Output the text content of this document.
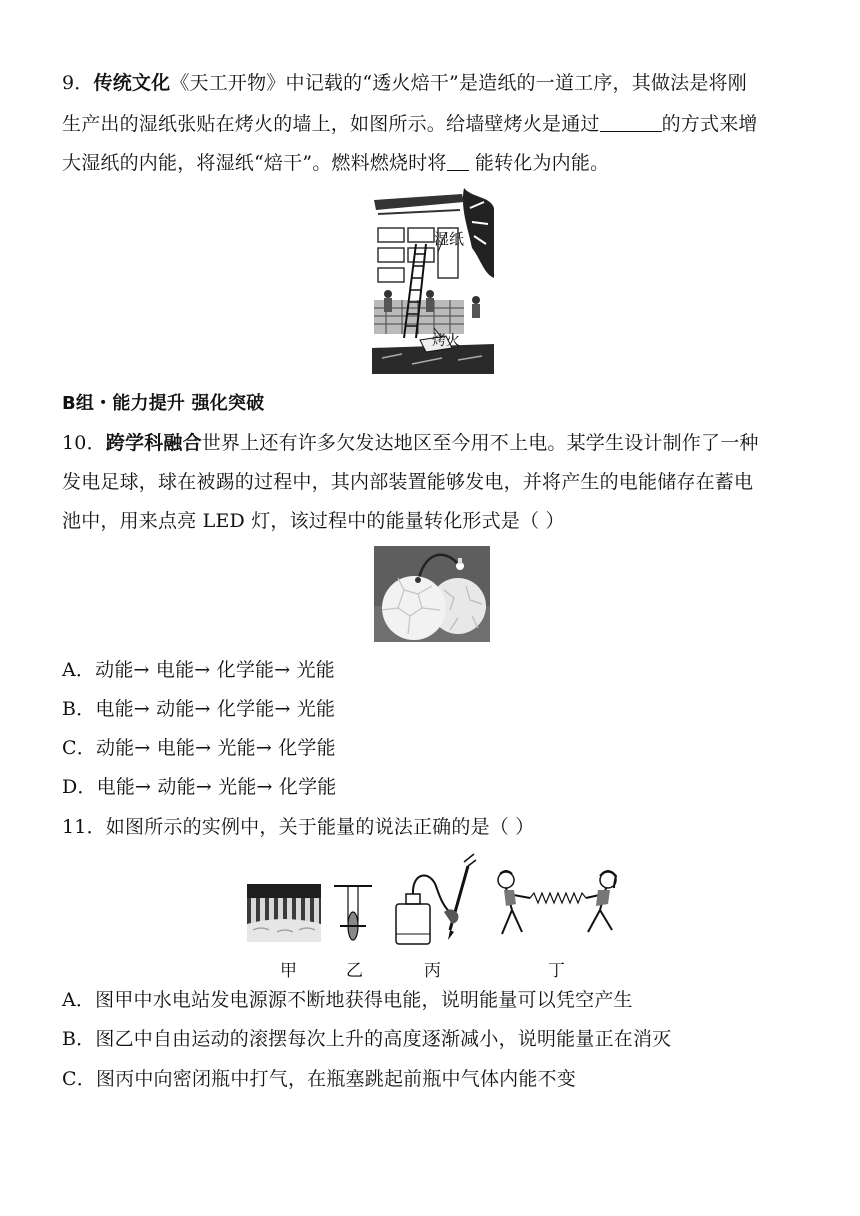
9．传统文化《天工开物》中记载的“透火焙干”是造纸的一道工序，其做法是将刚
生产出的湿纸张贴在烤火的墙上，如图所示。给墙壁烤火是通过	的方式来增
大湿纸的内能，将湿纸“焙干”。燃料燃烧时将 能转化为内能。
湿纸
烤火
B组・能力提升 强化突破
10．跨学科融合世界上还有许多欠发达地区至今用不上电。某学生设计制作了一种
发电足球，球在被踢的过程中，其内部装置能够发电，并将产生的电能储存在蓄电
池中，用来点亮 LED 灯，该过程中的能量转化形式是（ ）
A．动能→ 电能→ 化学能→ 光能
B．电能→ 动能→ 化学能→ 光能
C．动能→ 电能→ 光能→ 化学能
D．电能→ 动能→ 光能→ 化学能
11．如图所示的实例中，关于能量的说法正确的是（ ）
甲	乙	丙	丁
A．图甲中水电站发电源源不断地获得电能，说明能量可以凭空产生
B．图乙中自由运动的滚摆每次上升的高度逐渐减小，说明能量正在消灭
C．图丙中向密闭瓶中打气，在瓶塞跳起前瓶中气体内能不变
